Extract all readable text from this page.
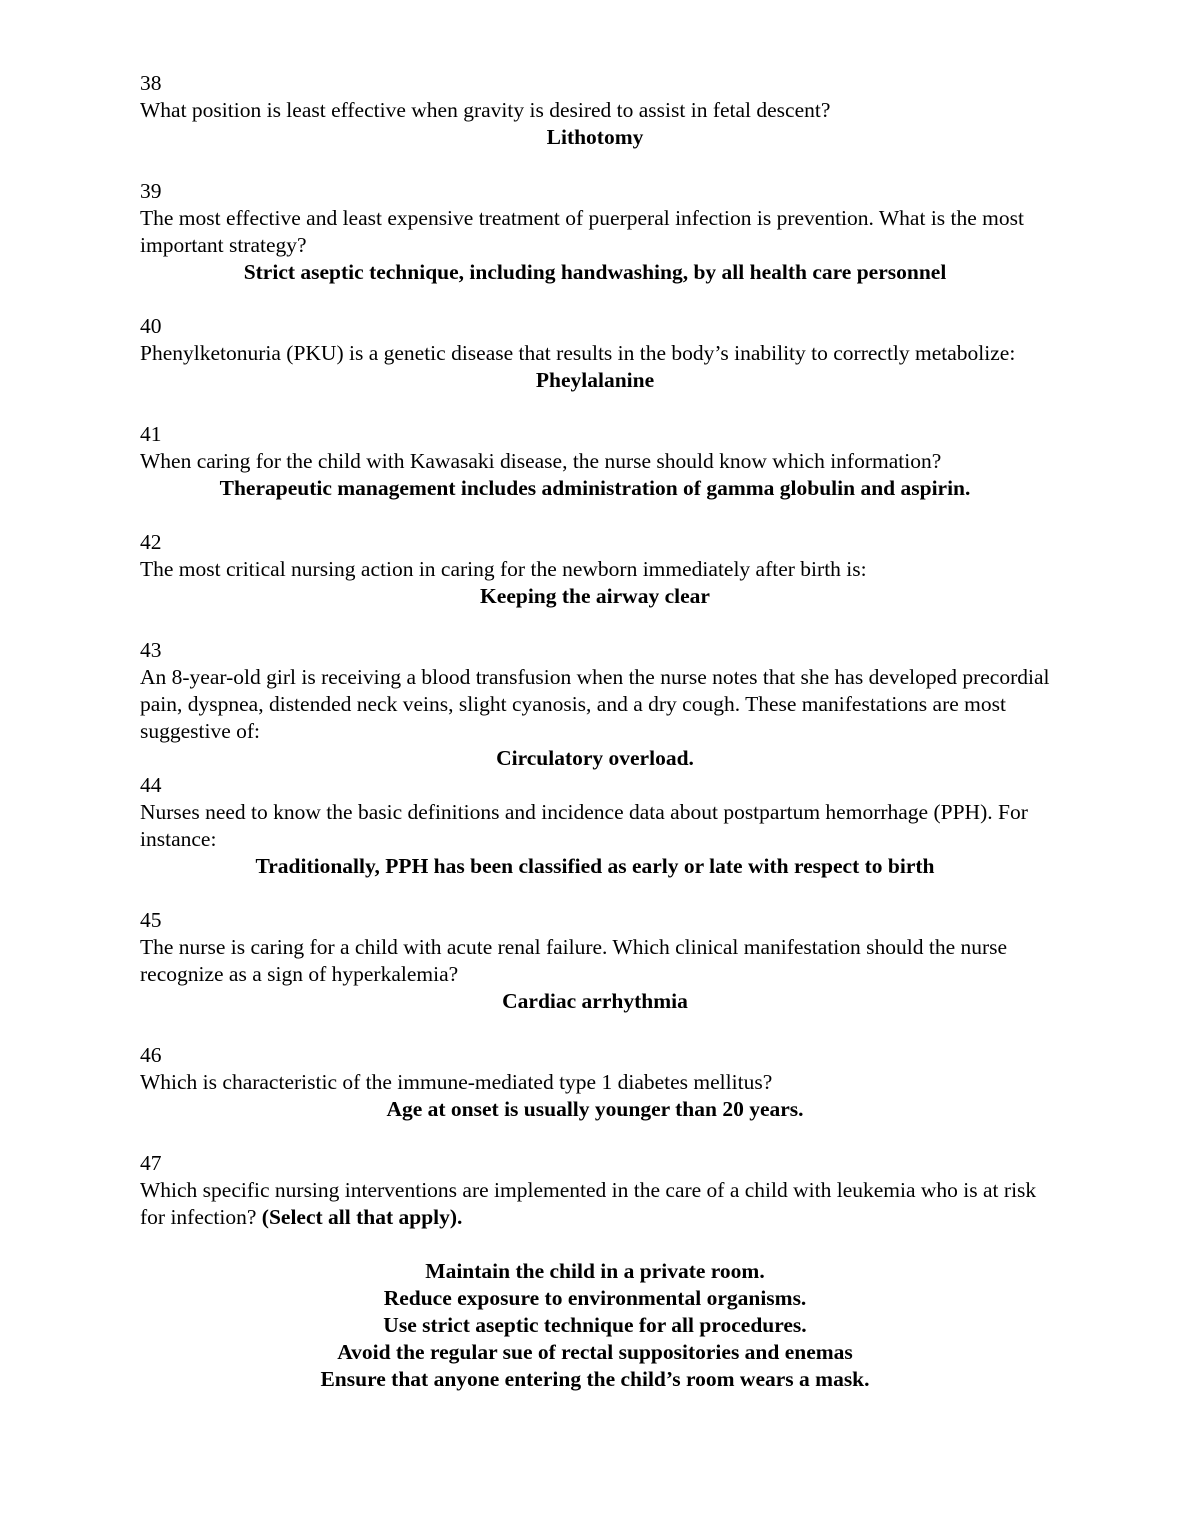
38
What position is least effective when gravity is desired to assist in fetal descent?
Lithotomy
39
The most effective and least expensive treatment of puerperal infection is prevention. What is the most important strategy?
Strict aseptic technique, including handwashing, by all health care personnel
40
Phenylketonuria (PKU) is a genetic disease that results in the body’s inability to correctly metabolize:
Pheylalanine
41
When caring for the child with Kawasaki disease, the nurse should know which information?
Therapeutic management includes administration of gamma globulin and aspirin.
42
The most critical nursing action in caring for the newborn immediately after birth is:
Keeping the airway clear
43
An 8-year-old girl is receiving a blood transfusion when the nurse notes that she has developed precordial pain, dyspnea, distended neck veins, slight cyanosis, and a dry cough. These manifestations are most suggestive of:
Circulatory overload.
44
Nurses need to know the basic definitions and incidence data about postpartum hemorrhage (PPH). For instance:
Traditionally, PPH has been classified as early or late with respect to birth
45
The nurse is caring for a child with acute renal failure. Which clinical manifestation should the nurse recognize as a sign of hyperkalemia?
Cardiac arrhythmia
46
Which is characteristic of the immune-mediated type 1 diabetes mellitus?
Age at onset is usually younger than 20 years.
47
Which specific nursing interventions are implemented in the care of a child with leukemia who is at risk for infection? (Select all that apply).
Maintain the child in a private room.
Reduce exposure to environmental organisms.
Use strict aseptic technique for all procedures.
Avoid the regular sue of rectal suppositories and enemas
Ensure that anyone entering the child’s room wears a mask.
